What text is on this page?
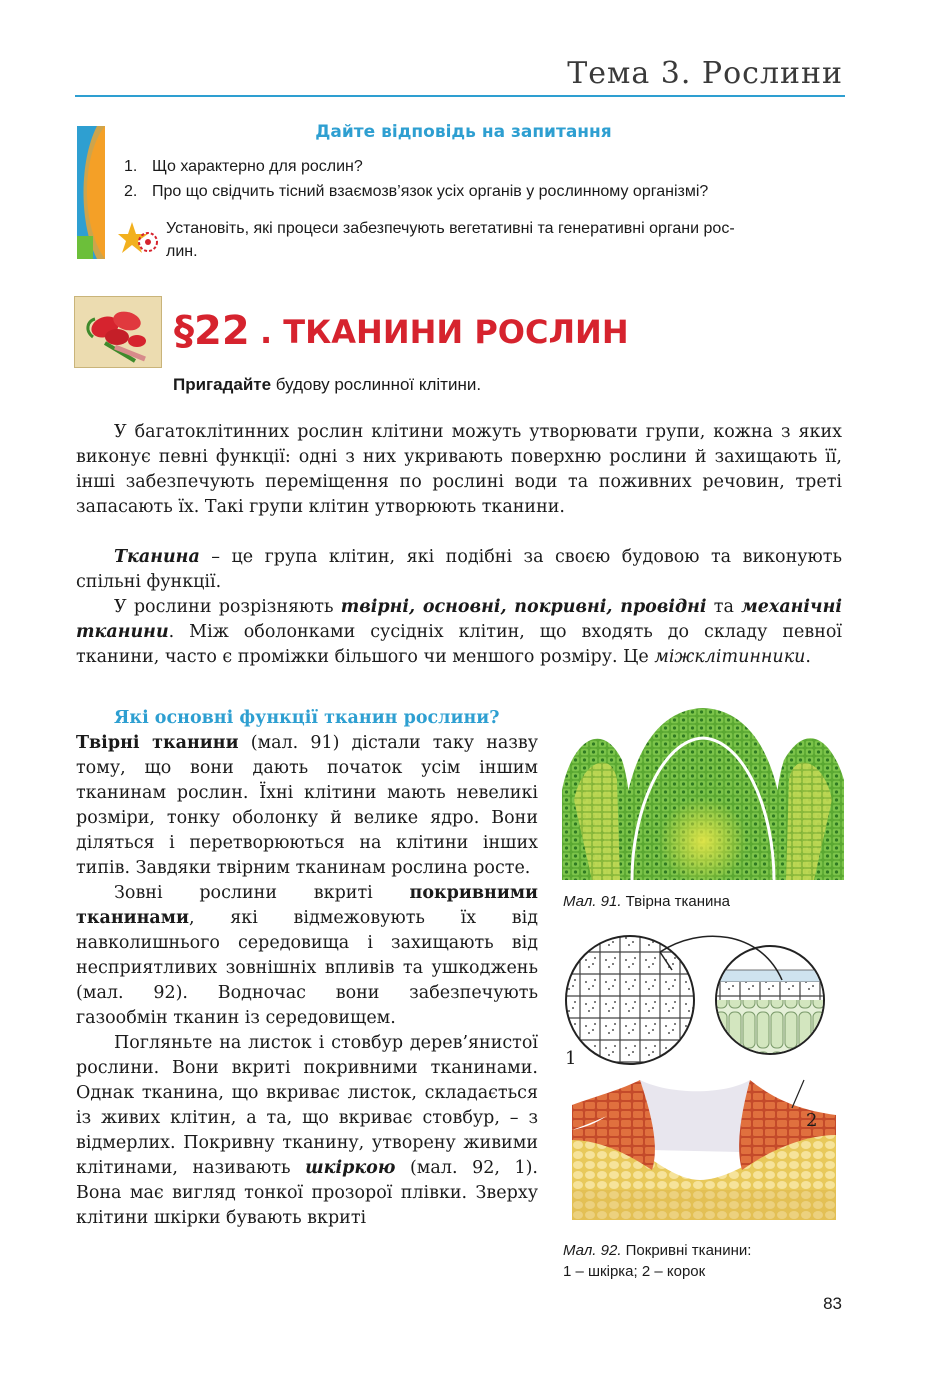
Тема 3. Рослини
Дайте відповідь на запитання
1. Що характерно для рослин?
2. Про що свідчить тісний взаємозв’язок усіх органів у рослинному організмі?
Установіть, які процеси забезпечують вегетативні та генеративні органи рос-
лин.
§22 . ТКАНИНИ РОСЛИН
Пригадайте будову рослинної клітини.
У багатоклітинних рослин клітини можуть утворювати групи, кожна з яких виконує певні функції: одні з них укривають поверхню рослини й захищають її, інші забезпечують переміщення по рослині води та поживних речовин, треті запасають їх. Такі групи клітин утворюють тканини.
Тканина – це група клітин, які подібні за своєю будовою та виконують спільні функції.
У рослини розрізняють твірні, основні, покривні, провідні та механічні тканини. Між оболонками сусідніх клітин, що входять до складу певної тканини, часто є проміжки більшого чи меншого розміру. Це міжклітинники.
Які основні функції тканин рослини?
Твірні тканини (мал. 91) дістали таку назву тому, що вони дають початок усім іншим тканинам рослин. Їхні клітини мають невеликі розміри, тонку оболонку й велике ядро. Вони діляться і перетворюються на клітини інших типів. Завдяки твірним тканинам рослина росте.
Зовні рослини вкриті покривними тканинами, які відмежовують їх від навколишнього середовища і захищають від несприятливих зовнішніх впливів та ушкоджень (мал. 92). Водночас вони забезпечують газообмін тканин із середовищем.
Погляньте на листок і стовбур дерев’янистої рослини. Вони вкриті покривними тканинами. Однак тканина, що вкриває листок, складається із живих клітин, а та, що вкриває стовбур, – з відмерлих. Покривну тканину, утворену живими клітинами, називають шкіркою (мал. 92, 1). Вона має вигляд тонкої прозорої плівки. Зверху клітини шкірки бувають вкриті
Мал. 91. Твірна тканина
1
2
Мал. 92. Покривні тканини:
1 – шкірка; 2 – корок
83
